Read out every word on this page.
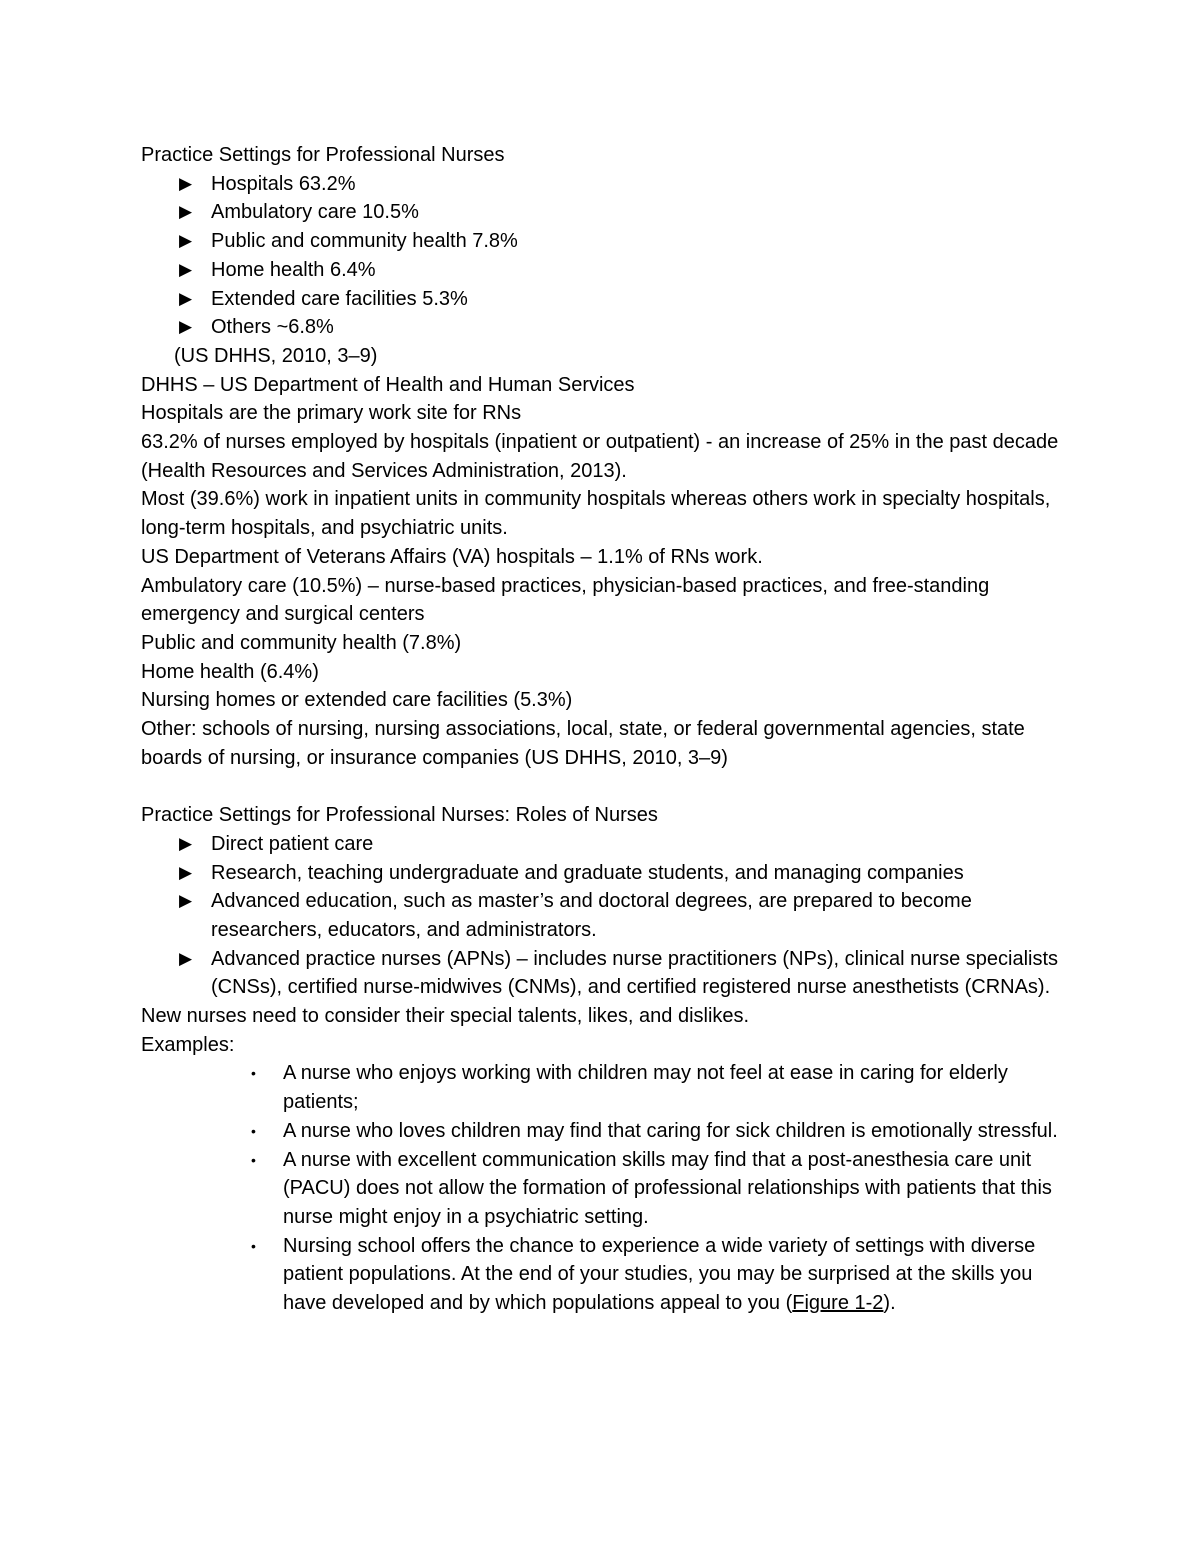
Practice Settings for Professional Nurses

▶ Hospitals 63.2%

▶ Ambulatory care 10.5%

▶ Public and community health 7.8%

▶ Home health 6.4%

▶ Extended care facilities 5.3%

▶ Others ~6.8%

(US DHHS, 2010, 3–9)

DHHS – US Department of Health and Human Services

Hospitals are the primary work site for RNs

63.2% of nurses employed by hospitals (inpatient or outpatient) - an increase of 25% in the past decade (Health Resources and Services Administration, 2013).

Most (39.6%) work in inpatient units in community hospitals whereas others work in specialty hospitals, long-term hospitals, and psychiatric units.

US Department of Veterans Affairs (VA) hospitals – 1.1% of RNs work.

Ambulatory care (10.5%) – nurse-based practices, physician-based practices, and free-standing emergency and surgical centers

Public and community health (7.8%)

Home health (6.4%)

Nursing homes or extended care facilities (5.3%)

Other: schools of nursing, nursing associations, local, state, or federal governmental agencies, state boards of nursing, or insurance companies (US DHHS, 2010, 3–9)

Practice Settings for Professional Nurses: Roles of Nurses

▶ Direct patient care

▶ Research, teaching undergraduate and graduate students, and managing companies

▶ Advanced education, such as master’s and doctoral degrees, are prepared to become researchers, educators, and administrators.

▶ Advanced practice nurses (APNs) – includes nurse practitioners (NPs), clinical nurse specialists (CNSs), certified nurse-midwives (CNMs), and certified registered nurse anesthetists (CRNAs).

New nurses need to consider their special talents, likes, and dislikes.

Examples:

• A nurse who enjoys working with children may not feel at ease in caring for elderly patients;

• A nurse who loves children may find that caring for sick children is emotionally stressful.

• A nurse with excellent communication skills may find that a post-anesthesia care unit (PACU) does not allow the formation of professional relationships with patients that this nurse might enjoy in a psychiatric setting.

• Nursing school offers the chance to experience a wide variety of settings with diverse patient populations. At the end of your studies, you may be surprised at the skills you have developed and by which populations appeal to you (Figure 1-2).
